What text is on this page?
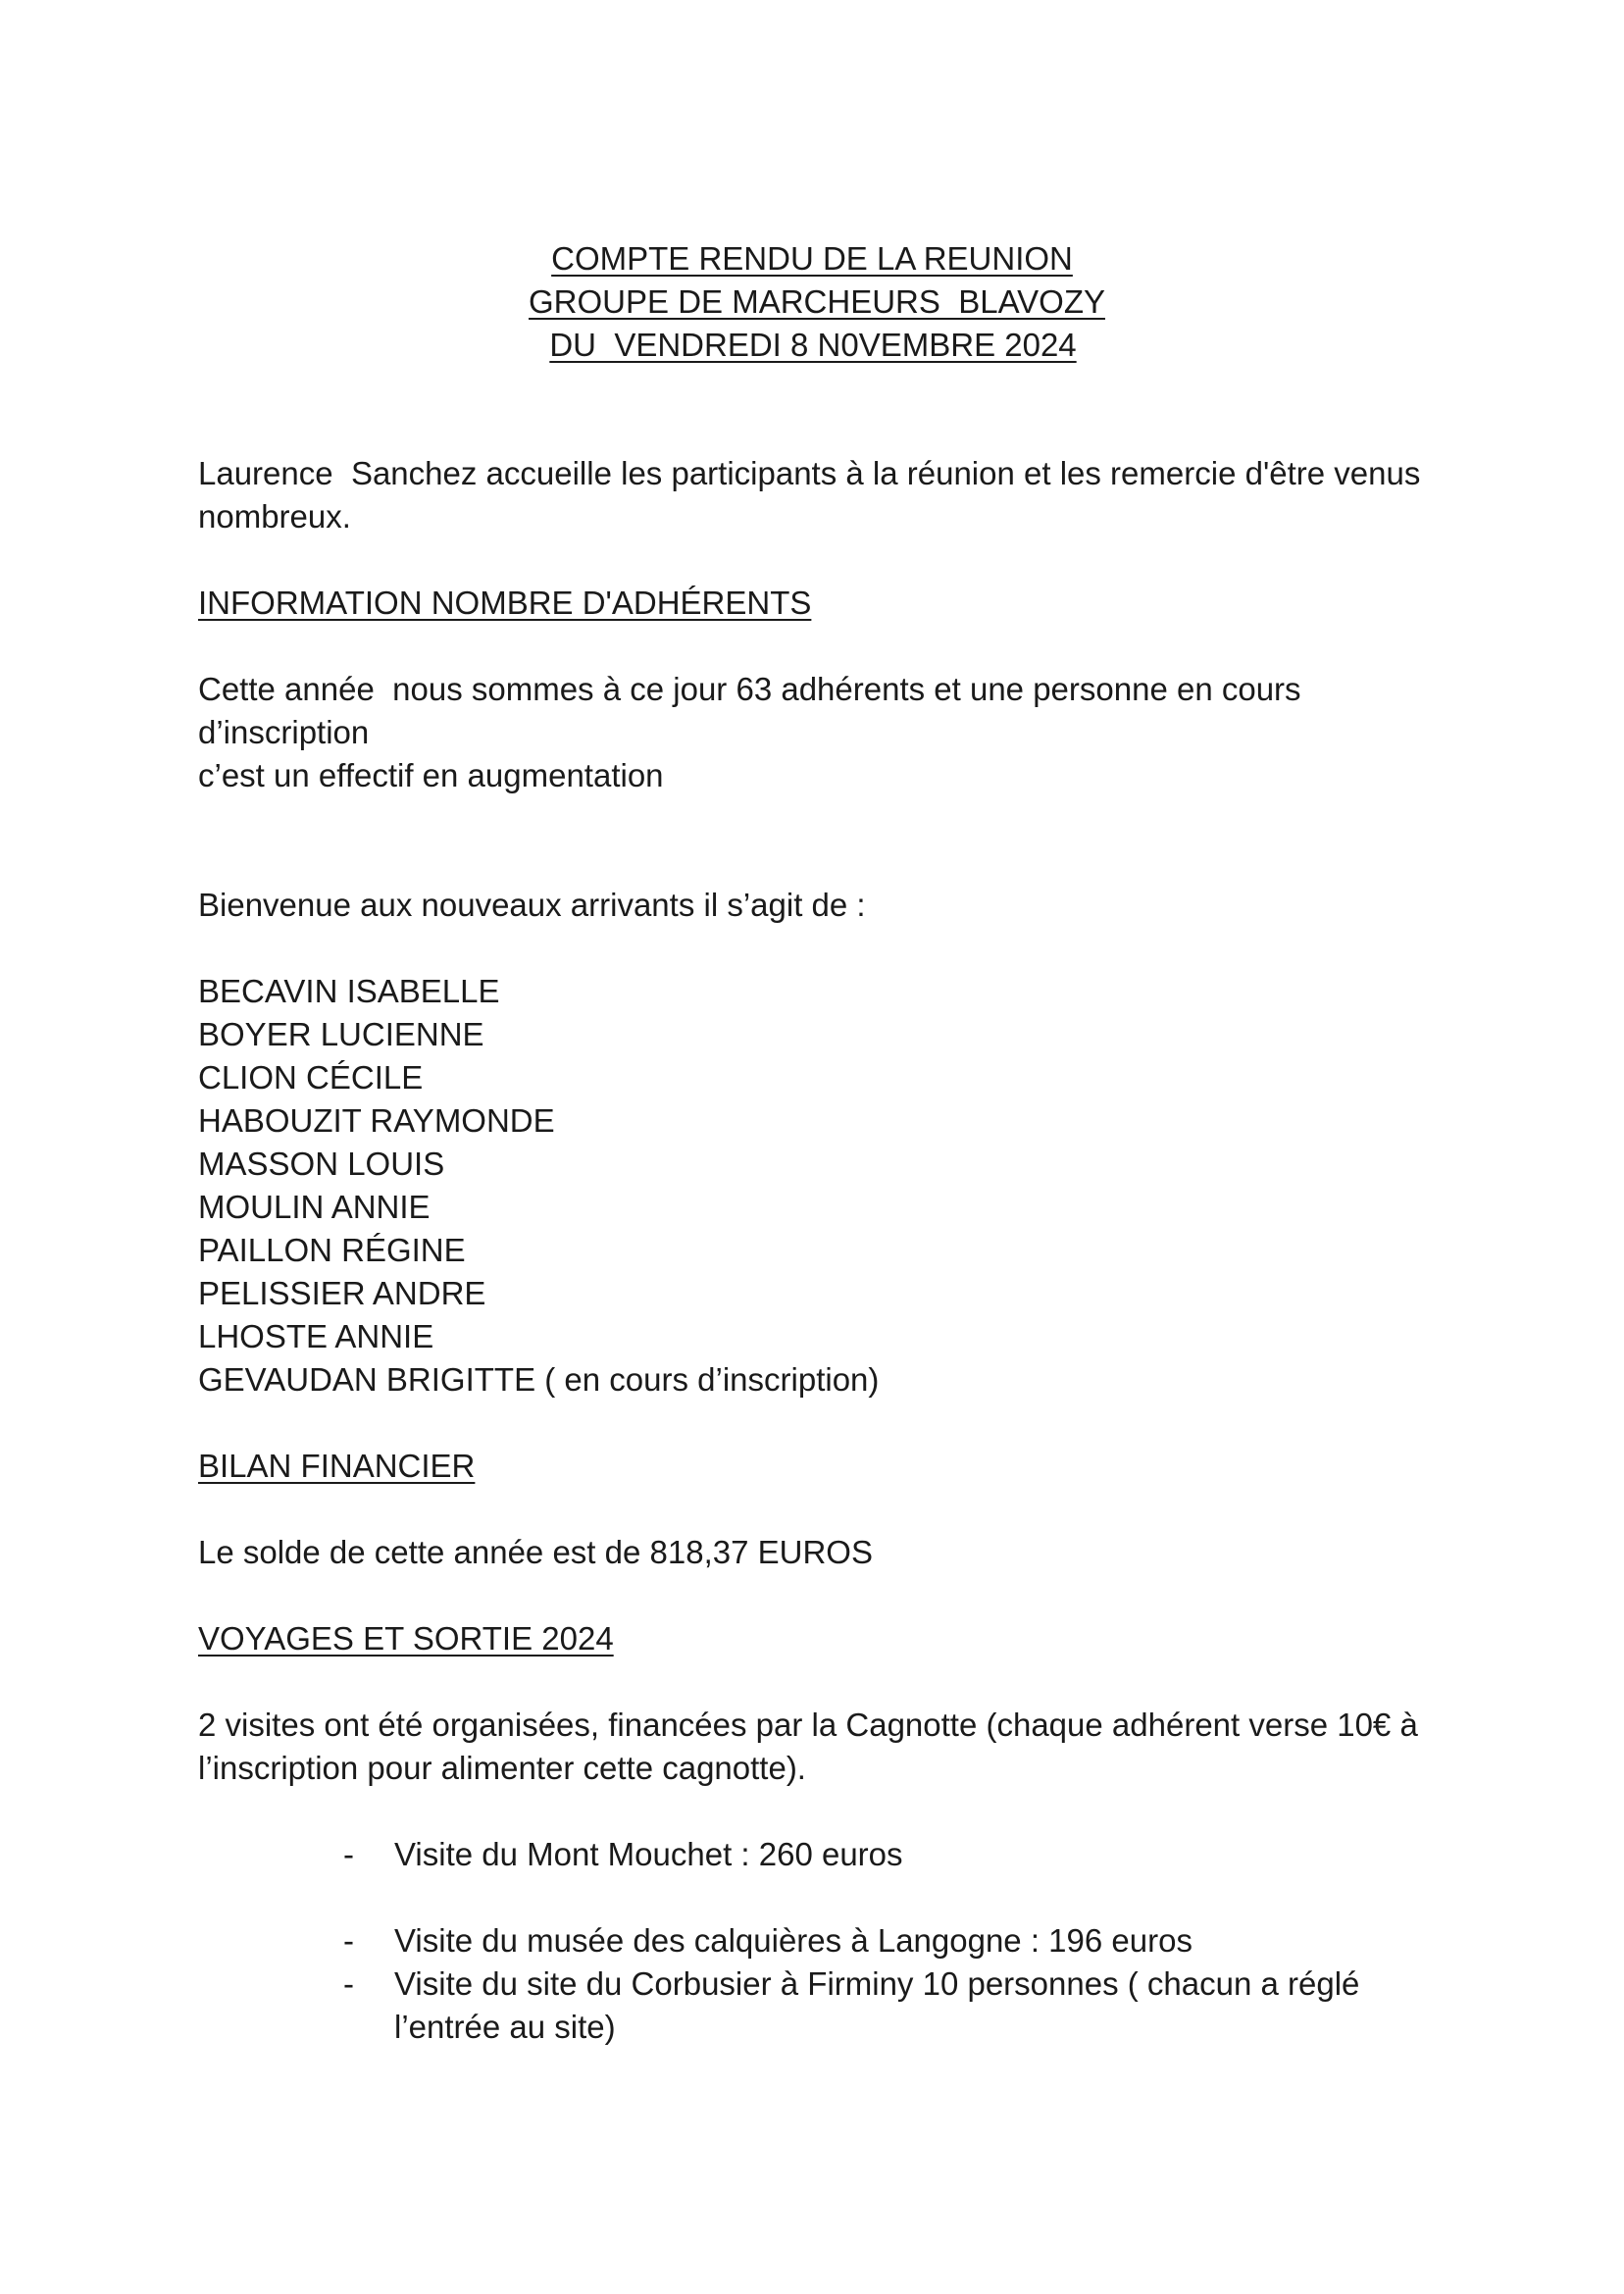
COMPTE RENDU DE LA REUNION
GROUPE DE MARCHEURS  BLAVOZY
DU  VENDREDI 8 N0VEMBRE 2024

Laurence  Sanchez accueille les participants à la réunion et les remercie d'être venus nombreux.

INFORMATION NOMBRE D'ADHÉRENTS

Cette année  nous sommes à ce jour 63 adhérents et une personne en cours d’inscription

c’est un effectif en augmentation

Bienvenue aux nouveaux arrivants il s’agit de :

BECAVIN ISABELLE
BOYER LUCIENNE
CLION CÉCILE
HABOUZIT RAYMONDE
MASSON LOUIS
MOULIN ANNIE
PAILLON RÉGINE
PELISSIER ANDRE
LHOSTE ANNIE
GEVAUDAN BRIGITTE ( en cours d’inscription)

BILAN FINANCIER

Le solde de cette année est de 818,37 EUROS

VOYAGES ET SORTIE 2024

2 visites ont été organisées, financées par la Cagnotte (chaque adhérent verse 10€ à l’inscription pour alimenter cette cagnotte).

- Visite du Mont Mouchet : 260 euros
- Visite du musée des calquières à Langogne : 196 euros
- Visite du site du Corbusier à Firminy 10 personnes ( chacun a réglé l’entrée au site)
